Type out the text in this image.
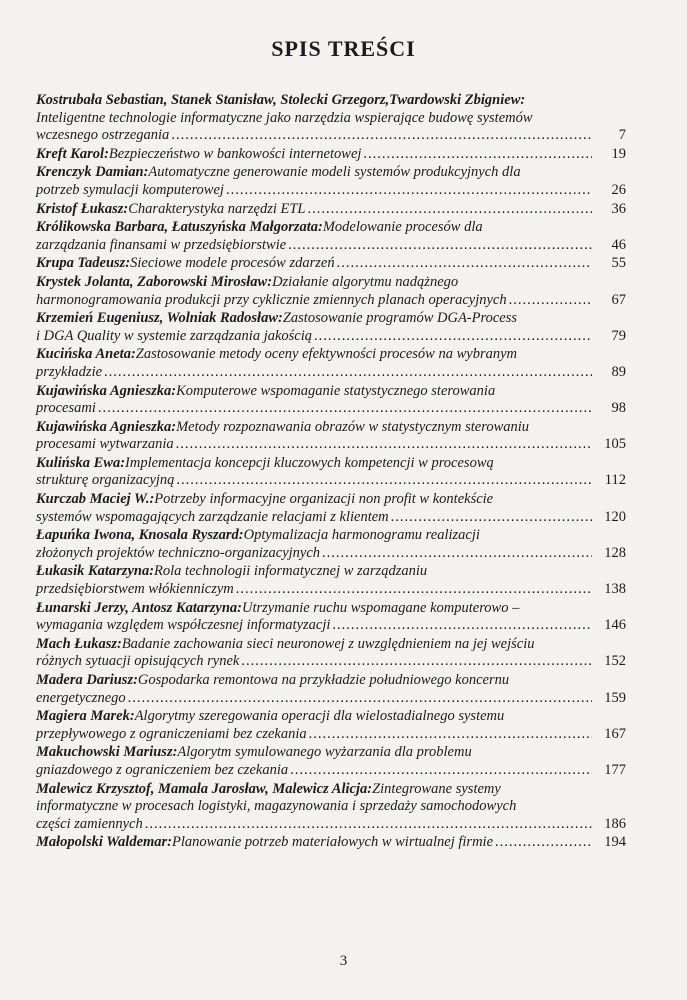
SPIS TREŚCI
Kostrubała Sebastian, Stanek Stanisław, Stolecki Grzegorz,Twardowski Zbigniew:
Inteligentne technologie informatyczne jako narzędzia wspierające budowę systemów
wczesnego ostrzegania .....	7
Kreft Karol: Bezpieczeństwo w bankowości internetowej .....	19
Krenczyk Damian: Automatyczne generowanie modeli systemów produkcyjnych dla
potrzeb symulacji komputerowej .....	26
Kristof Łukasz: Charakterystyka narzędzi ETL .....	36
Królikowska Barbara, Łatuszyńska Małgorzata: Modelowanie procesów dla
zarządzania finansami w przedsiębiorstwie .....	46
Krupa Tadeusz: Sieciowe modele procesów zdarzeń .....	55
Krystek Jolanta, Zaborowski Mirosław: Działanie algorytmu nadążnego
harmonogramowania produkcji przy cyklicznie zmiennych planach operacyjnych .....	67
Krzemień Eugeniusz, Wolniak Radosław: Zastosowanie programów DGA-Process
i DGA Quality w systemie zarządzania jakością .....	79
Kucińska Aneta: Zastosowanie metody oceny efektywności procesów na wybranym
przykładzie .....	89
Kujawińska Agnieszka: Komputerowe wspomaganie statystycznego sterowania
procesami .....	98
Kujawińska Agnieszka: Metody rozpoznawania obrazów w statystycznym sterowaniu
procesami wytwarzania .....	105
Kulińska Ewa: Implementacja koncepcji kluczowych kompetencji w procesową
strukturę organizacyjną .....	112
Kurczab Maciej W.: Potrzeby informacyjne organizacji non profit w kontekście
systemów wspomagających zarządzanie relacjami z klientem .....	120
Łapuńka Iwona, Knosala Ryszard: Optymalizacja harmonogramu realizacji
złożonych projektów techniczno-organizacyjnych .....	128
Łukasik Katarzyna: Rola technologii informatycznej w zarządzaniu
przedsiębiorstwem włókienniczym .....	138
Łunarski Jerzy, Antosz Katarzyna: Utrzymanie ruchu wspomagane komputerowo –
wymagania względem współczesnej informatyzacji .....	146
Mach Łukasz: Badanie zachowania sieci neuronowej z uwzględnieniem na jej wejściu
różnych sytuacji opisujących rynek .....	152
Madera Dariusz: Gospodarka remontowa na przykładzie południowego koncernu
energetycznego .....	159
Magiera Marek: Algorytmy szeregowania operacji dla wielostadialnego systemu
przepływowego z ograniczeniami bez czekania .....	167
Makuchowski Mariusz: Algorytm symulowanego wyżarzania dla problemu
gniazdowego z ograniczeniem bez czekania .....	177
Malewicz Krzysztof, Mamala Jarosław, Malewicz Alicja: Zintegrowane systemy
informatyczne w procesach logistyki, magazynowania i sprzedaży samochodowych
części zamiennych .....	186
Małopolski Waldemar: Planowanie potrzeb materiałowych w wirtualnej firmie .....	194
3
